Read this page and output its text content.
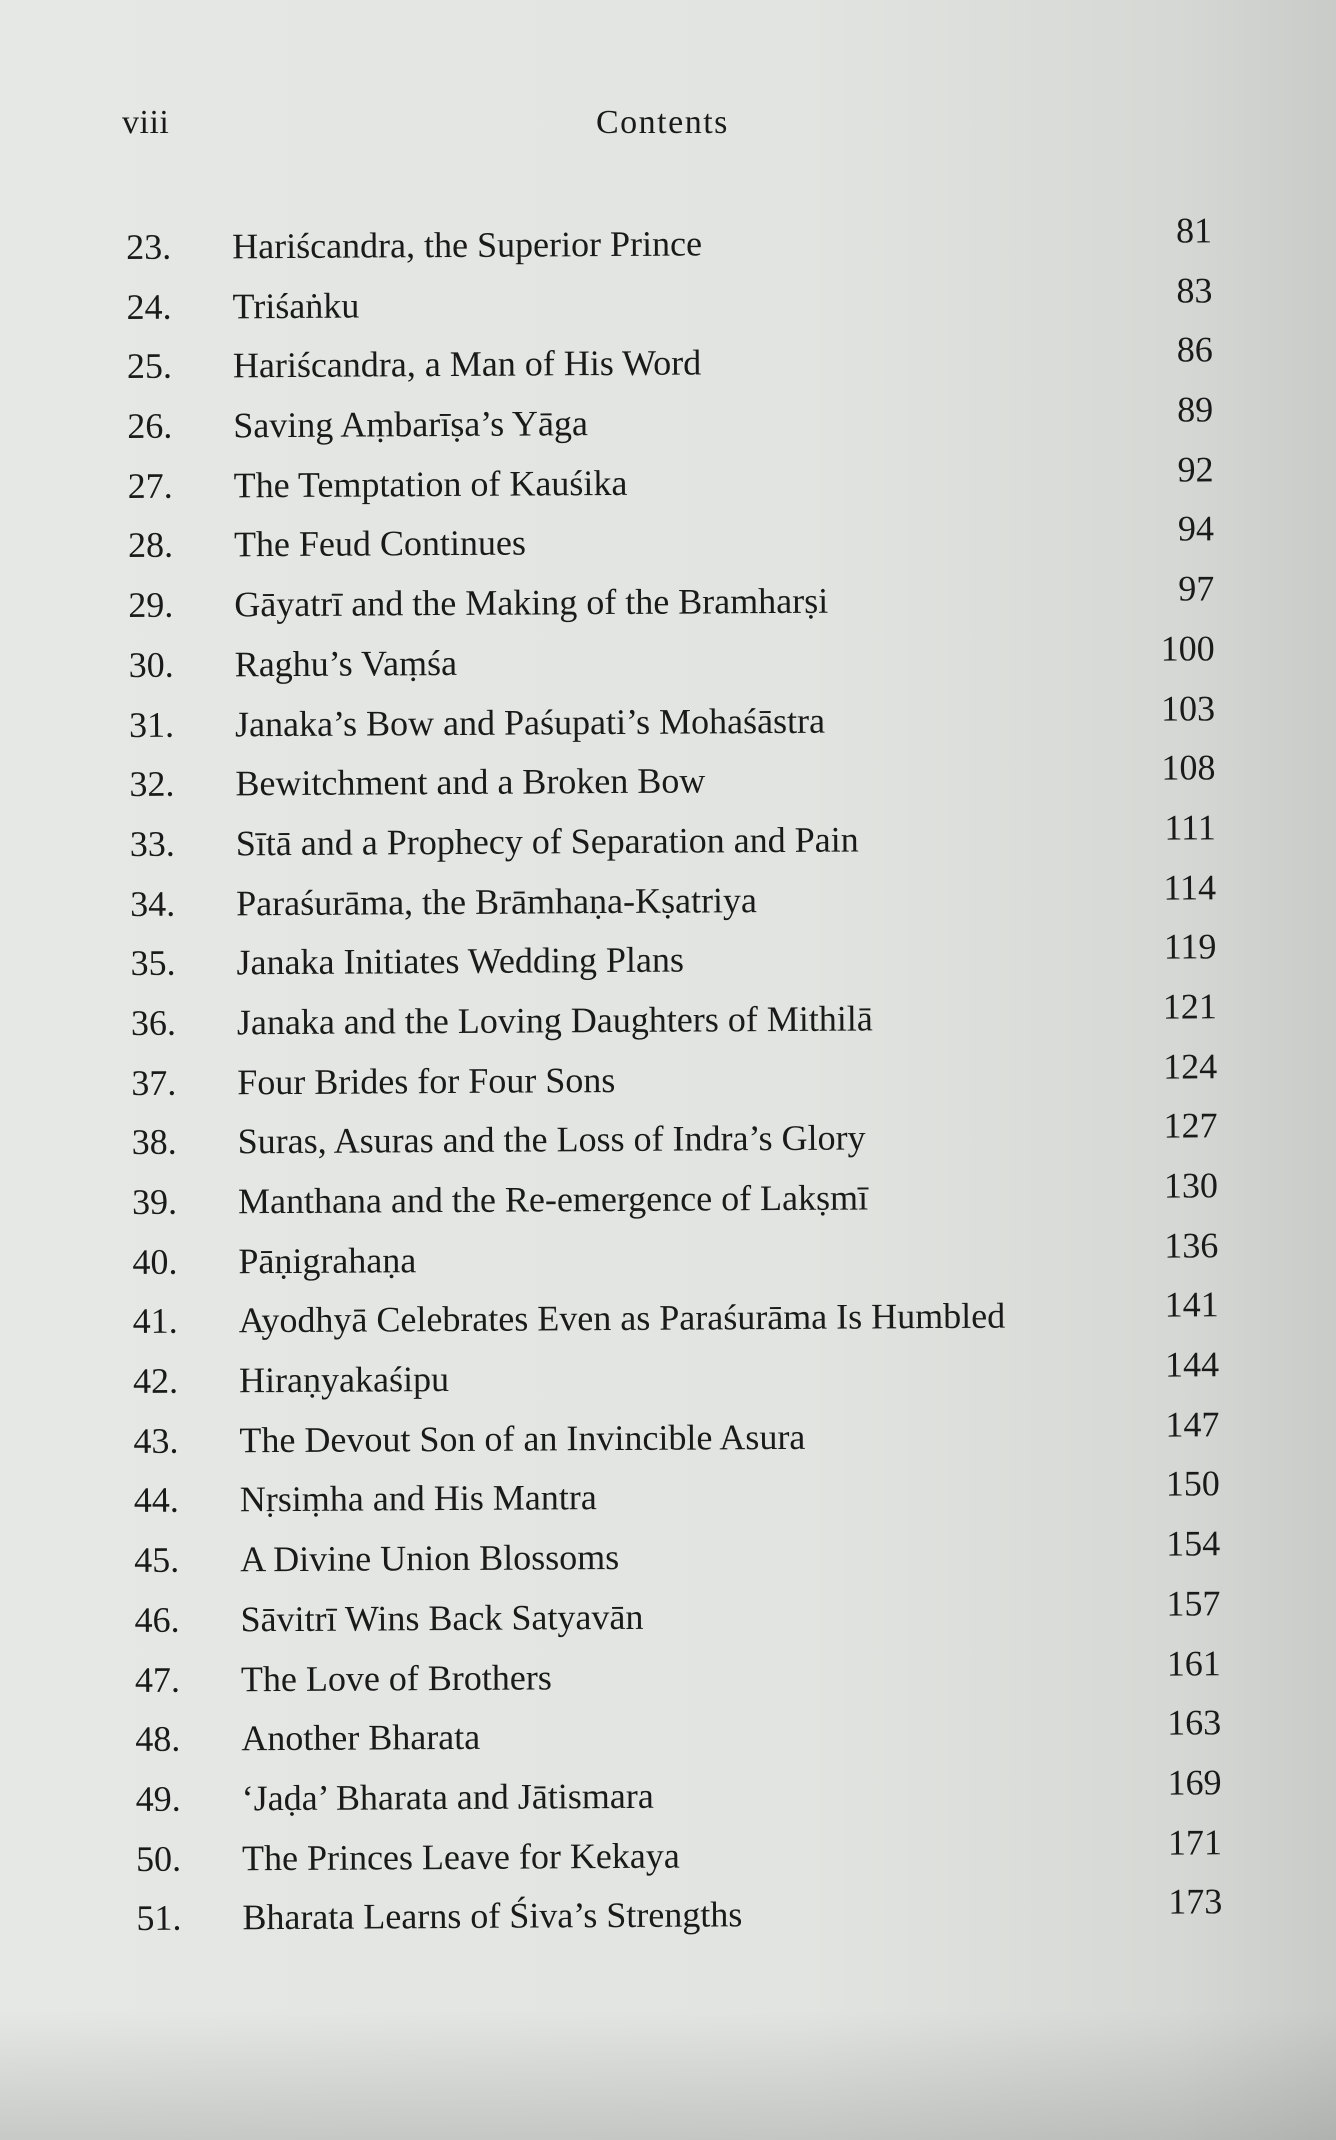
viii	Contents
23. Hariścandra, the Superior Prince	81
24. Triśaṅku	83
25. Hariścandra, a Man of His Word	86
26. Saving Aṃbarīṣa’s Yāga	89
27. The Temptation of Kauśika	92
28. The Feud Continues	94
29. Gāyatrī and the Making of the Bramharṣi	97
30. Raghu’s Vaṃśa	100
31. Janaka’s Bow and Paśupati’s Mohaśāstra	103
32. Bewitchment and a Broken Bow	108
33. Sītā and a Prophecy of Separation and Pain	111
34. Paraśurāma, the Brāmhaṇa-Kṣatriya	114
35. Janaka Initiates Wedding Plans	119
36. Janaka and the Loving Daughters of Mithilā	121
37. Four Brides for Four Sons	124
38. Suras, Asuras and the Loss of Indra’s Glory	127
39. Manthana and the Re-emergence of Lakṣmī	130
40. Pāṇigrahaṇa	136
41. Ayodhyā Celebrates Even as Paraśurāma Is Humbled	141
42. Hiraṇyakaśipu	144
43. The Devout Son of an Invincible Asura	147
44. Nṛsiṃha and His Mantra	150
45. A Divine Union Blossoms	154
46. Sāvitrī Wins Back Satyavān	157
47. The Love of Brothers	161
48. Another Bharata	163
49. ‘Jaḍa’ Bharata and Jātismara	169
50. The Princes Leave for Kekaya	171
51. Bharata Learns of Śiva’s Strengths	173
